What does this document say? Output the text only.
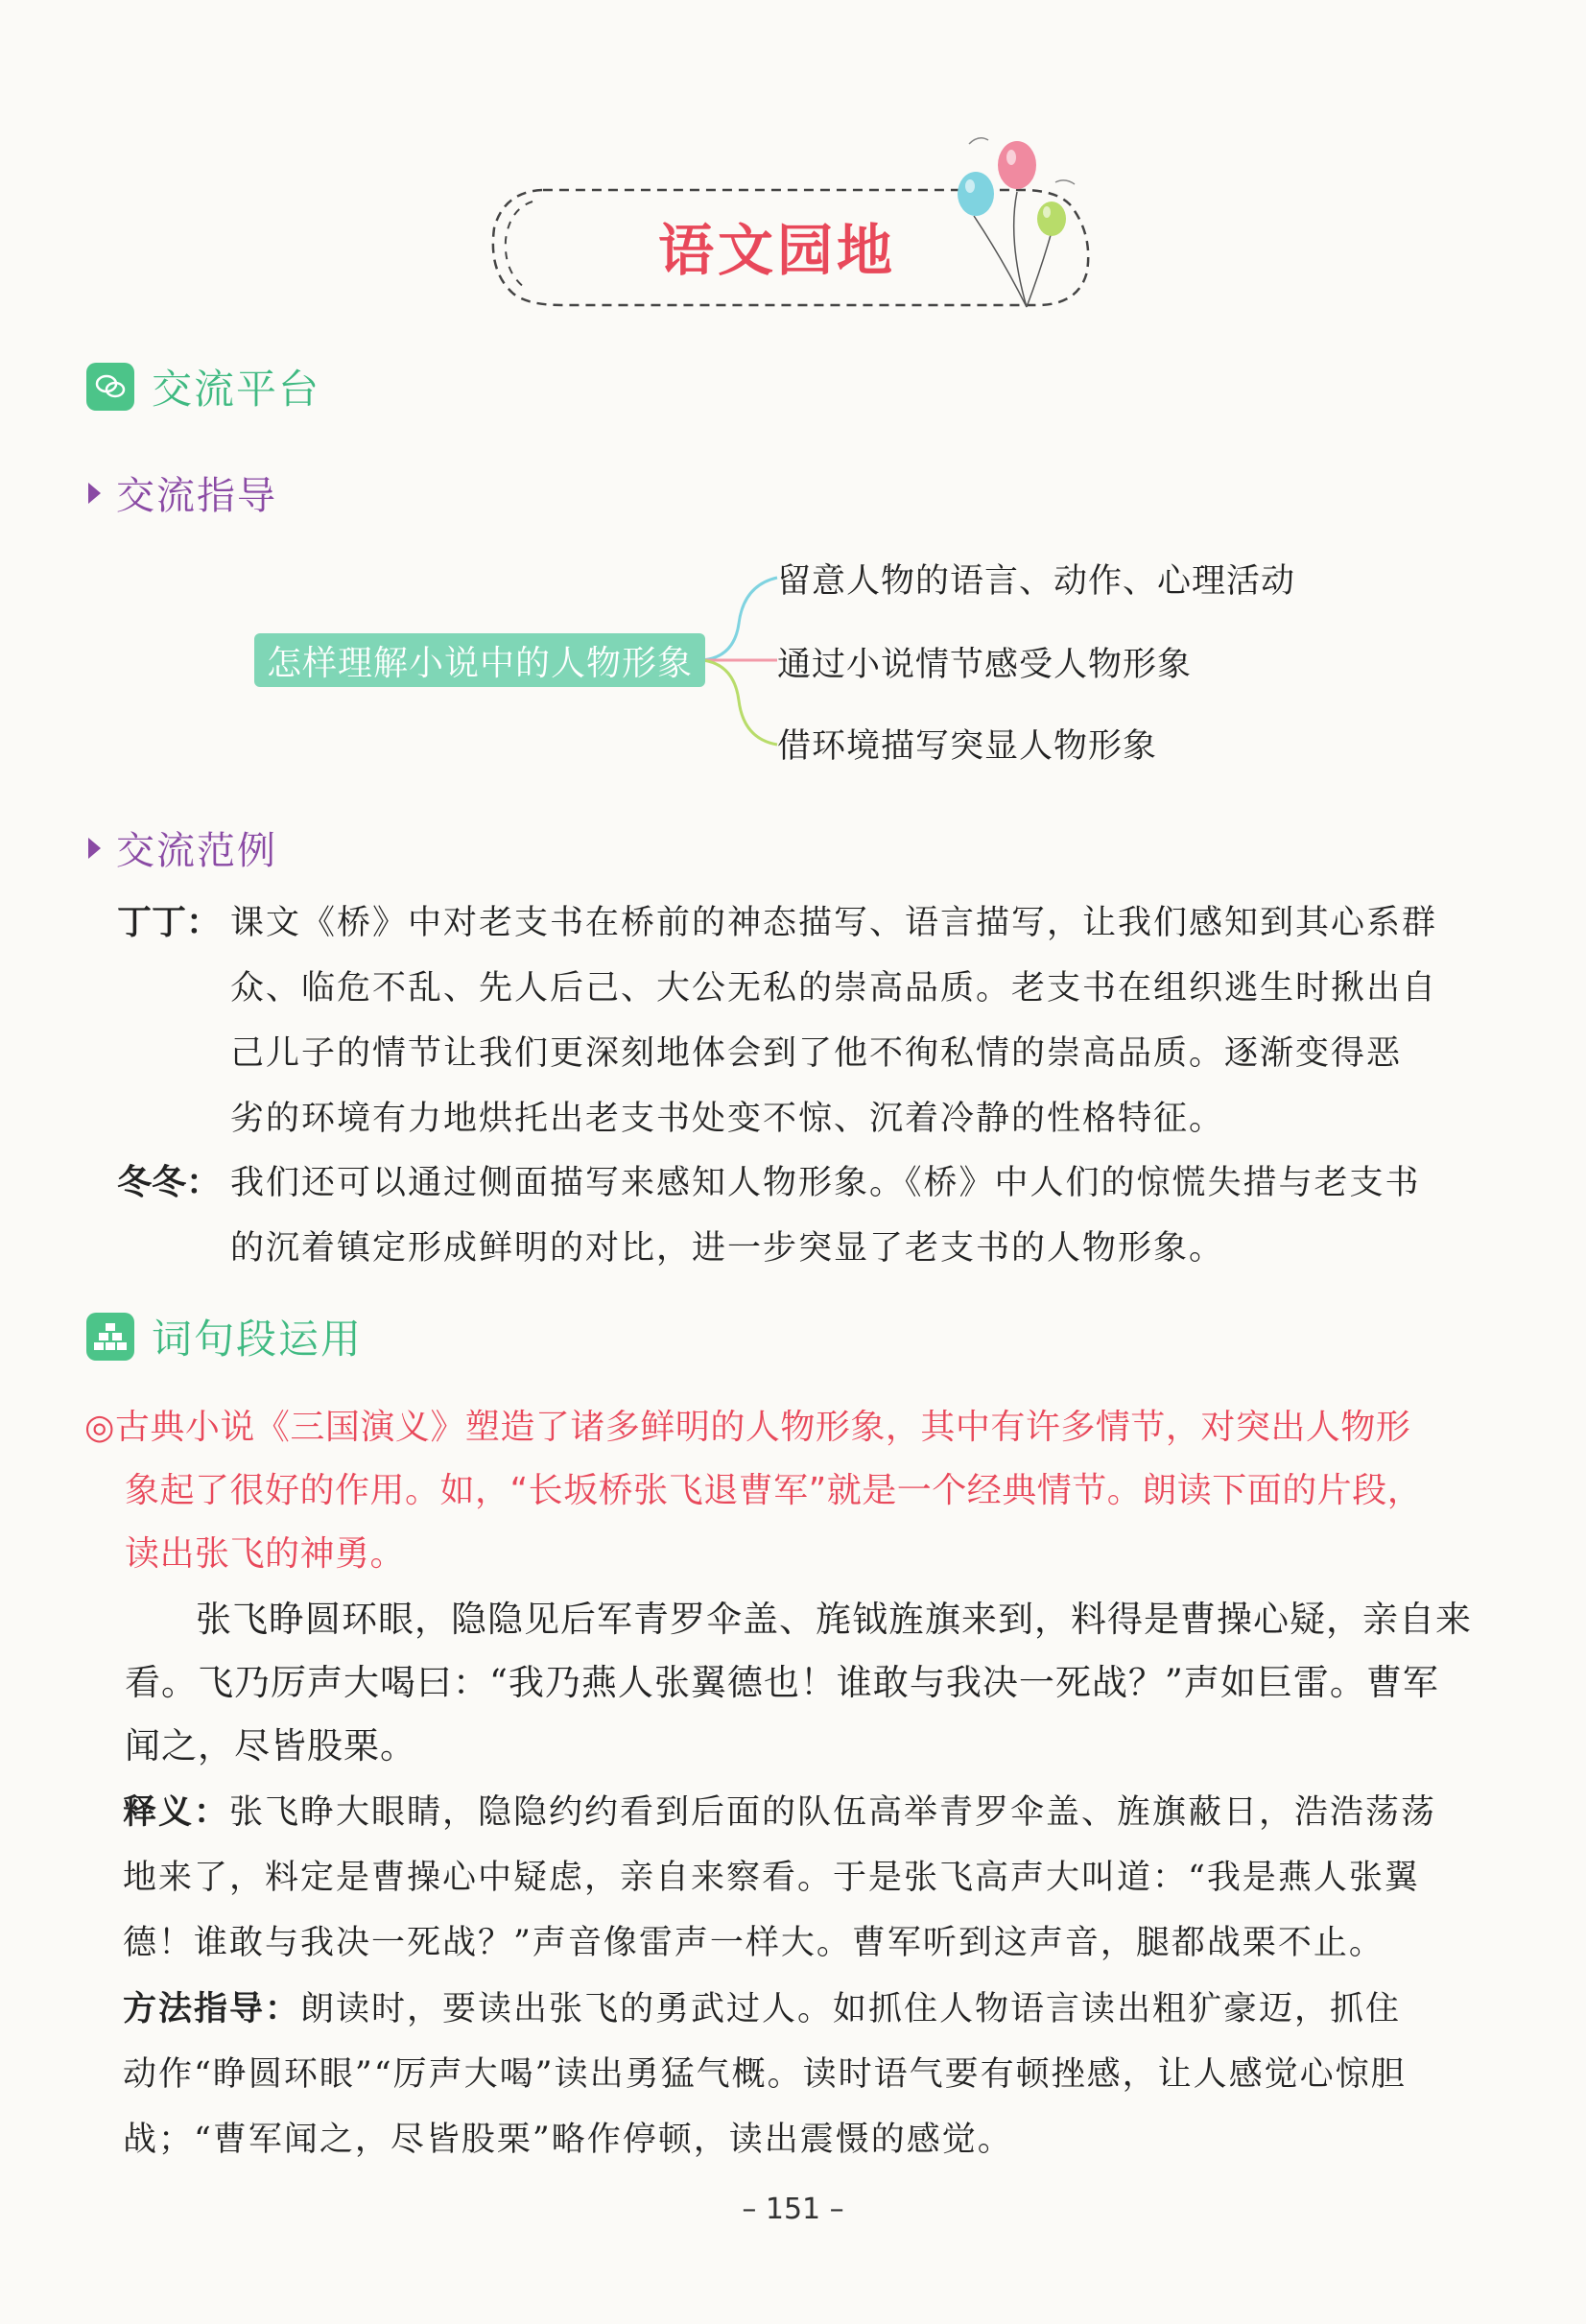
语文园地
交流平台
交流指导
怎样理解小说中的人物形象
留意人物的语言、动作、心理活动
通过小说情节感受人物形象
借环境描写突显人物形象
交流范例
丁丁： 课文《桥》中对老支书在桥前的神态描写、语言描写，让我们感知到其心系群
众、临危不乱、先人后己、大公无私的崇高品质。老支书在组织逃生时揪出自
己儿子的情节让我们更深刻地体会到了他不徇私情的崇高品质。逐渐变得恶
劣的环境有力地烘托出老支书处变不惊、沉着冷静的性格特征。
冬冬： 我们还可以通过侧面描写来感知人物形象。《桥》中人们的惊慌失措与老支书
的沉着镇定形成鲜明的对比，进一步突显了老支书的人物形象。
词句段运用
◎古典小说《三国演义》塑造了诸多鲜明的人物形象，其中有许多情节，对突出人物形
象起了很好的作用。如，“长坂桥张飞退曹军”就是一个经典情节。朗读下面的片段，
读出张飞的神勇。
张飞睁圆环眼，隐隐见后军青罗伞盖、旄钺旌旗来到，料得是曹操心疑，亲自来
看。飞乃厉声大喝曰：“我乃燕人张翼德也！谁敢与我决一死战？”声如巨雷。曹军
闻之，尽皆股栗。
释义：张飞睁大眼睛，隐隐约约看到后面的队伍高举青罗伞盖、旌旗蔽日，浩浩荡荡
地来了，料定是曹操心中疑虑，亲自来察看。于是张飞高声大叫道：“我是燕人张翼
德！谁敢与我决一死战？”声音像雷声一样大。曹军听到这声音，腿都战栗不止。
方法指导：朗读时，要读出张飞的勇武过人。如抓住人物语言读出粗犷豪迈，抓住
动作“睁圆环眼”“厉声大喝”读出勇猛气概。读时语气要有顿挫感，让人感觉心惊胆
战；“曹军闻之，尽皆股栗”略作停顿，读出震慑的感觉。
– 151 –
